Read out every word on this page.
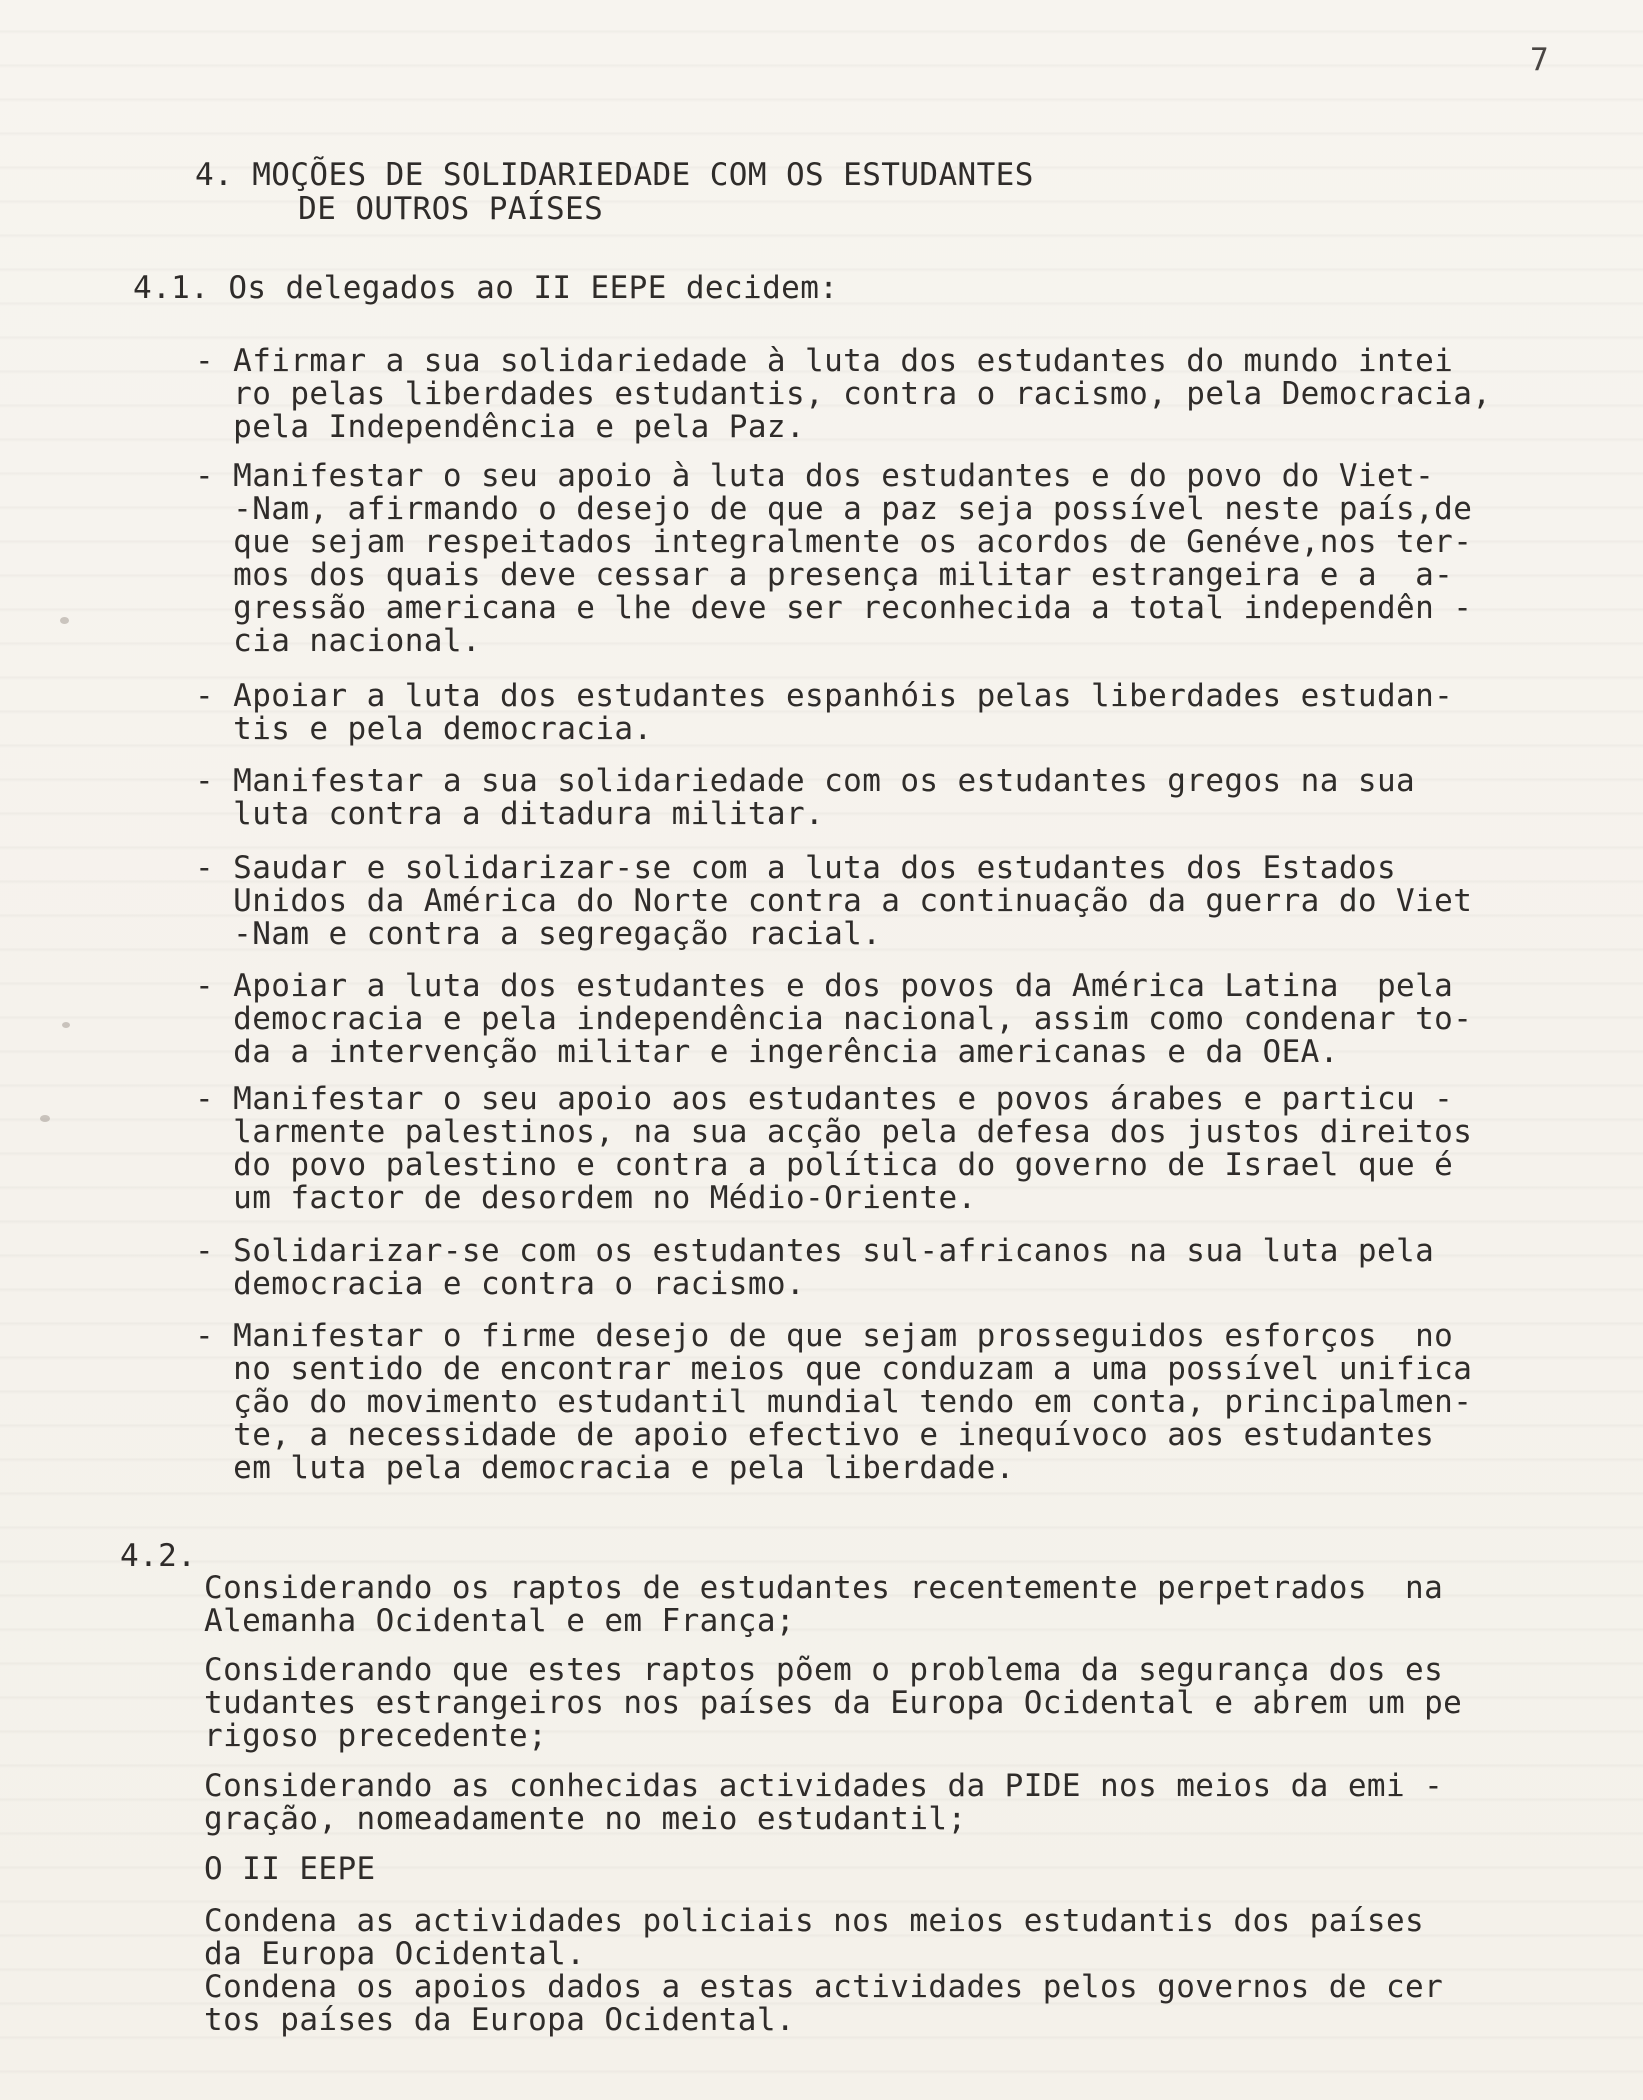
7
4. MOÇÕES DE SOLIDARIEDADE COM OS ESTUDANTES
DE OUTROS PAÍSES
4.1. Os delegados ao II EEPE decidem:
- Afirmar a sua solidariedade à luta dos estudantes do mundo intei
ro pelas liberdades estudantis, contra o racismo, pela Democracia,
pela Independência e pela Paz.
- Manifestar o seu apoio à luta dos estudantes e do povo do Viet-
-Nam, afirmando o desejo de que a paz seja possível neste país,de
que sejam respeitados integralmente os acordos de Genéve,nos ter-
mos dos quais deve cessar a presença militar estrangeira e a  a-
gressão americana e lhe deve ser reconhecida a total independên -
cia nacional.
- Apoiar a luta dos estudantes espanhóis pelas liberdades estudan-
tis e pela democracia.
- Manifestar a sua solidariedade com os estudantes gregos na sua
luta contra a ditadura militar.
- Saudar e solidarizar-se com a luta dos estudantes dos Estados
Unidos da América do Norte contra a continuação da guerra do Viet
-Nam e contra a segregação racial.
- Apoiar a luta dos estudantes e dos povos da América Latina  pela
democracia e pela independência nacional, assim como condenar to-
da a intervenção militar e ingerência americanas e da OEA.
- Manifestar o seu apoio aos estudantes e povos árabes e particu -
larmente palestinos, na sua acção pela defesa dos justos direitos
do povo palestino e contra a política do governo de Israel que é
um factor de desordem no Médio-Oriente.
- Solidarizar-se com os estudantes sul-africanos na sua luta pela
democracia e contra o racismo.
- Manifestar o firme desejo de que sejam prosseguidos esforços  no
no sentido de encontrar meios que conduzam a uma possível unifica
ção do movimento estudantil mundial tendo em conta, principalmen-
te, a necessidade de apoio efectivo e inequívoco aos estudantes
em luta pela democracia e pela liberdade.
4.2.
Considerando os raptos de estudantes recentemente perpetrados  na
Alemanha Ocidental e em França;
Considerando que estes raptos põem o problema da segurança dos es
tudantes estrangeiros nos países da Europa Ocidental e abrem um pe
rigoso precedente;
Considerando as conhecidas actividades da PIDE nos meios da emi -
gração, nomeadamente no meio estudantil;
O II EEPE
Condena as actividades policiais nos meios estudantis dos países
da Europa Ocidental.
Condena os apoios dados a estas actividades pelos governos de cer
tos países da Europa Ocidental.
